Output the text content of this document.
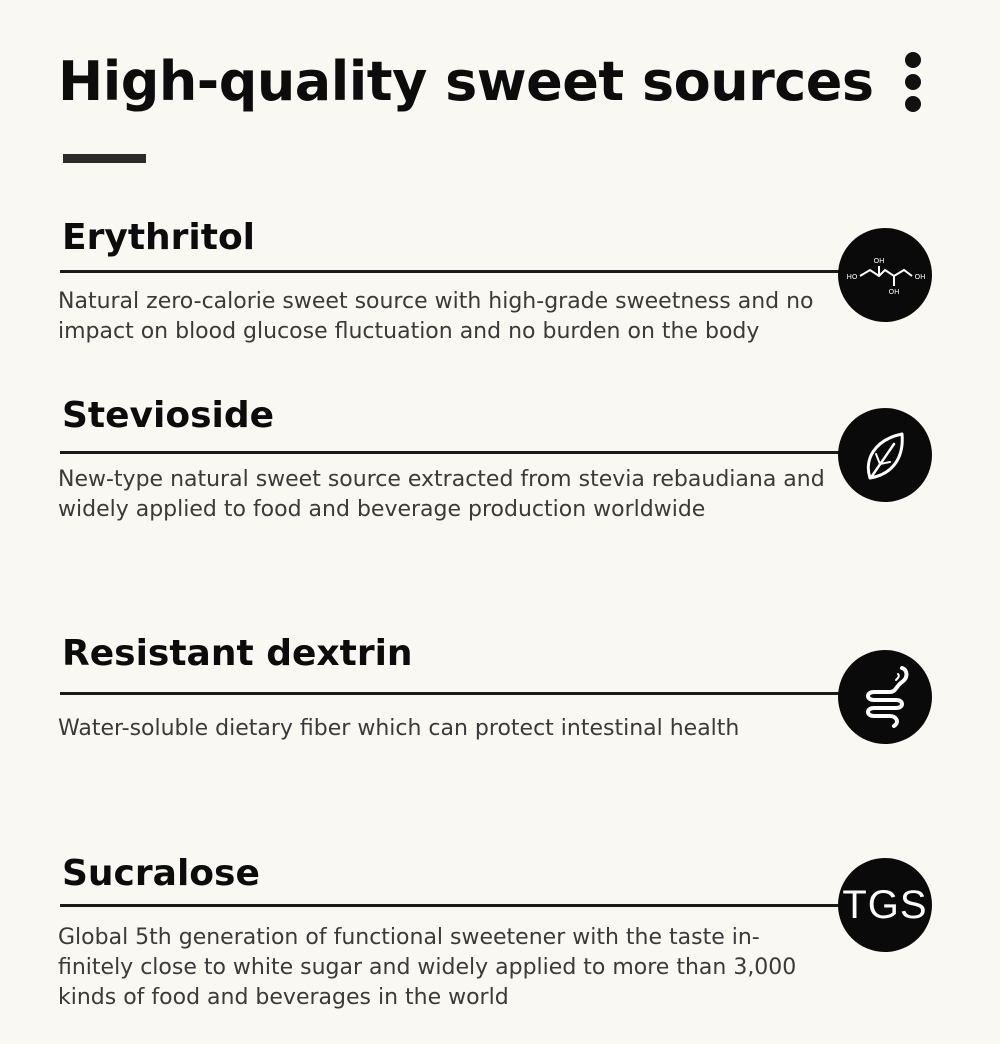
High-quality sweet sources
Erythritol
Natural zero-calorie sweet source with high-grade sweetness and no impact on blood glucose fluctuation and no burden on the body
OH
HO	OH
OH
Stevioside
New-type natural sweet source extracted from stevia rebaudiana and widely applied to food and beverage production worldwide
Resistant dextrin
Water-soluble dietary fiber which can protect intestinal health
Sucralose
Global 5th generation of functional sweetener with the taste in-finitely close to white sugar and widely applied to more than 3,000 kinds of food and beverages in the world
TGS
